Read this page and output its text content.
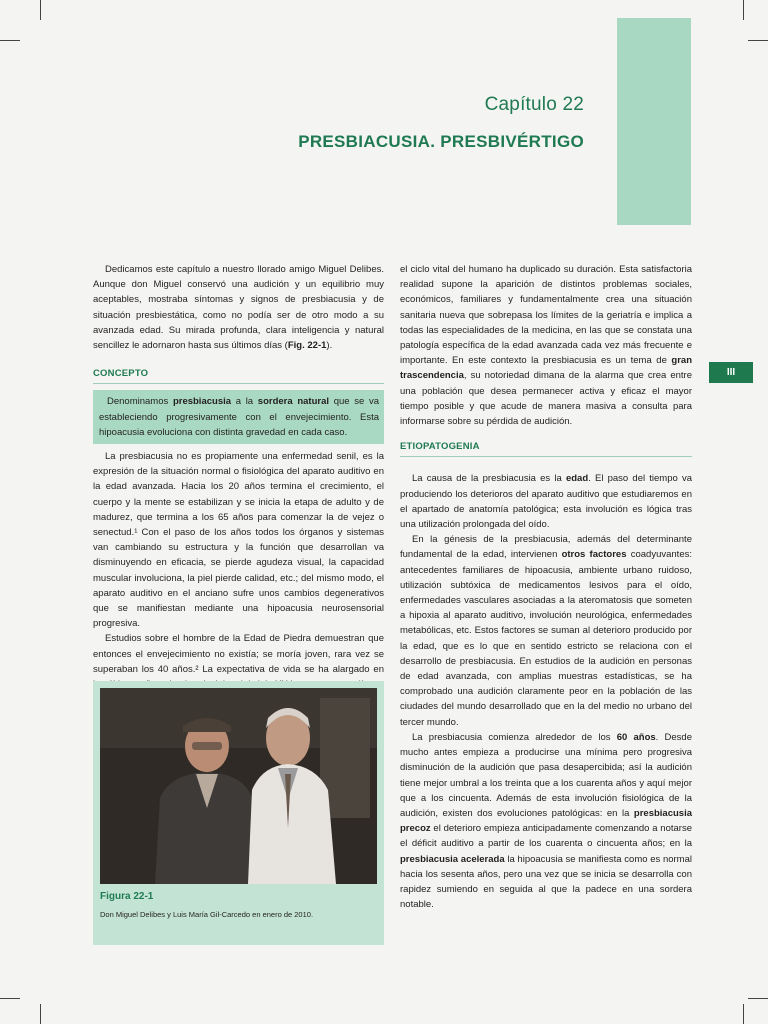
Capítulo 22
PRESBIACUSIA. PRESBIVÉRTIGO
III

Dedicamos este capítulo a nuestro llorado amigo Miguel Delibes. Aunque don Miguel conservó una audición y un equilibrio muy aceptables, mostraba síntomas y signos de presbiacusia y de situación presbiestática, como no podía ser de otro modo a su avanzada edad. Su mirada profunda, clara inteligencia y natural sencillez le adornaron hasta sus últimos días (Fig. 22-1).

CONCEPTO

Denominamos presbiacusia a la sordera natural que se va estableciendo progresivamente con el envejecimiento. Esta hipoacusia evoluciona con distinta gravedad en cada caso.

La presbiacusia no es propiamente una enfermedad senil, es la expresión de la situación normal o fisiológica del aparato auditivo en la edad avanzada. Hacia los 20 años termina el crecimiento, el cuerpo y la mente se estabilizan y se inicia la etapa de adulto y de madurez, que termina a los 65 años para comenzar la de vejez o senectud.¹ Con el paso de los años todos los órganos y sistemas van cambiando su estructura y la función que desarrollan va disminuyendo en eficacia, se pierde agudeza visual, la capacidad muscular involuciona, la piel pierde calidad, etc.; del mismo modo, el aparato auditivo en el anciano sufre unos cambios degenerativos que se manifiestan mediante una hipoacusia neurosensorial progresiva.

Estudios sobre el hombre de la Edad de Piedra demuestran que entonces el envejecimiento no existía; se moría joven, rara vez se superaban los 40 años.² La expectativa de vida se ha alargado en

Figura 22-1
Don Miguel Delibes y Luis María Gil-Carcedo en enero de 2010.

el ciclo vital del humano ha duplicado su duración. Esta satisfactoria realidad supone la aparición de distintos problemas sociales, económicos, familiares y fundamentalmente crea una situación sanitaria nueva que sobrepasa los límites de la geriatría e implica a todas las especialidades de la medicina, en las que se constata una patología específica de la edad avanzada cada vez más frecuente e importante. En este contexto la presbiacusia es un tema de gran trascendencia, su notoriedad dimana de la alarma que crea entre una población que desea permanecer activa y eficaz el mayor tiempo posible y que acude de manera masiva a consulta para informarse sobre su pérdida de audición.

ETIOPATOGENIA

La causa de la presbiacusia es la edad. El paso del tiempo va produciendo los deterioros del aparato auditivo que estudiaremos en el apartado de anatomía patológica; esta involución es lógica tras una utilización prolongada del oído.

En la génesis de la presbiacusia, además del determinante fundamental de la edad, intervienen otros factores coadyuvantes: antecedentes familiares de hipoacusia, ambiente urbano ruidoso, utilización subtóxica de medicamentos lesivos para el oído, enfermedades vasculares asociadas a la ateromatosis que someten a hipoxia al aparato auditivo, involución neurológica, enfermedades metabólicas, etc. Estos factores se suman al deterioro producido por la edad, que es lo que en sentido estricto se relaciona con el desarrollo de presbiacusia. En estudios de la audición en personas de edad avanzada, con amplias muestras estadísticas, se ha comprobado una audición claramente peor en la población de las ciudades del mundo desarrollado que en la del medio no urbano del tercer mundo.

La presbiacusia comienza alrededor de los 60 años. Desde mucho antes empieza a producirse una mínima pero progresiva disminución de la audición que pasa desapercibida; así la audición tiene mejor umbral a los treinta que a los cuarenta años y aquí mejor que a los cincuenta. Además de esta involución fisiológica de la audición, existen dos evoluciones patológicas: en la presbiacusia precoz el deterioro empieza anticipadamente comenzando a notarse el déficit auditivo a partir de los cuarenta o cincuenta años; en la presbiacusia acelerada la hipoacusia se manifiesta como es normal hacia los sesenta años, pero una vez que se inicia se desarrolla con rapidez sumiendo en seguida al que la padece en una sordera notable.
